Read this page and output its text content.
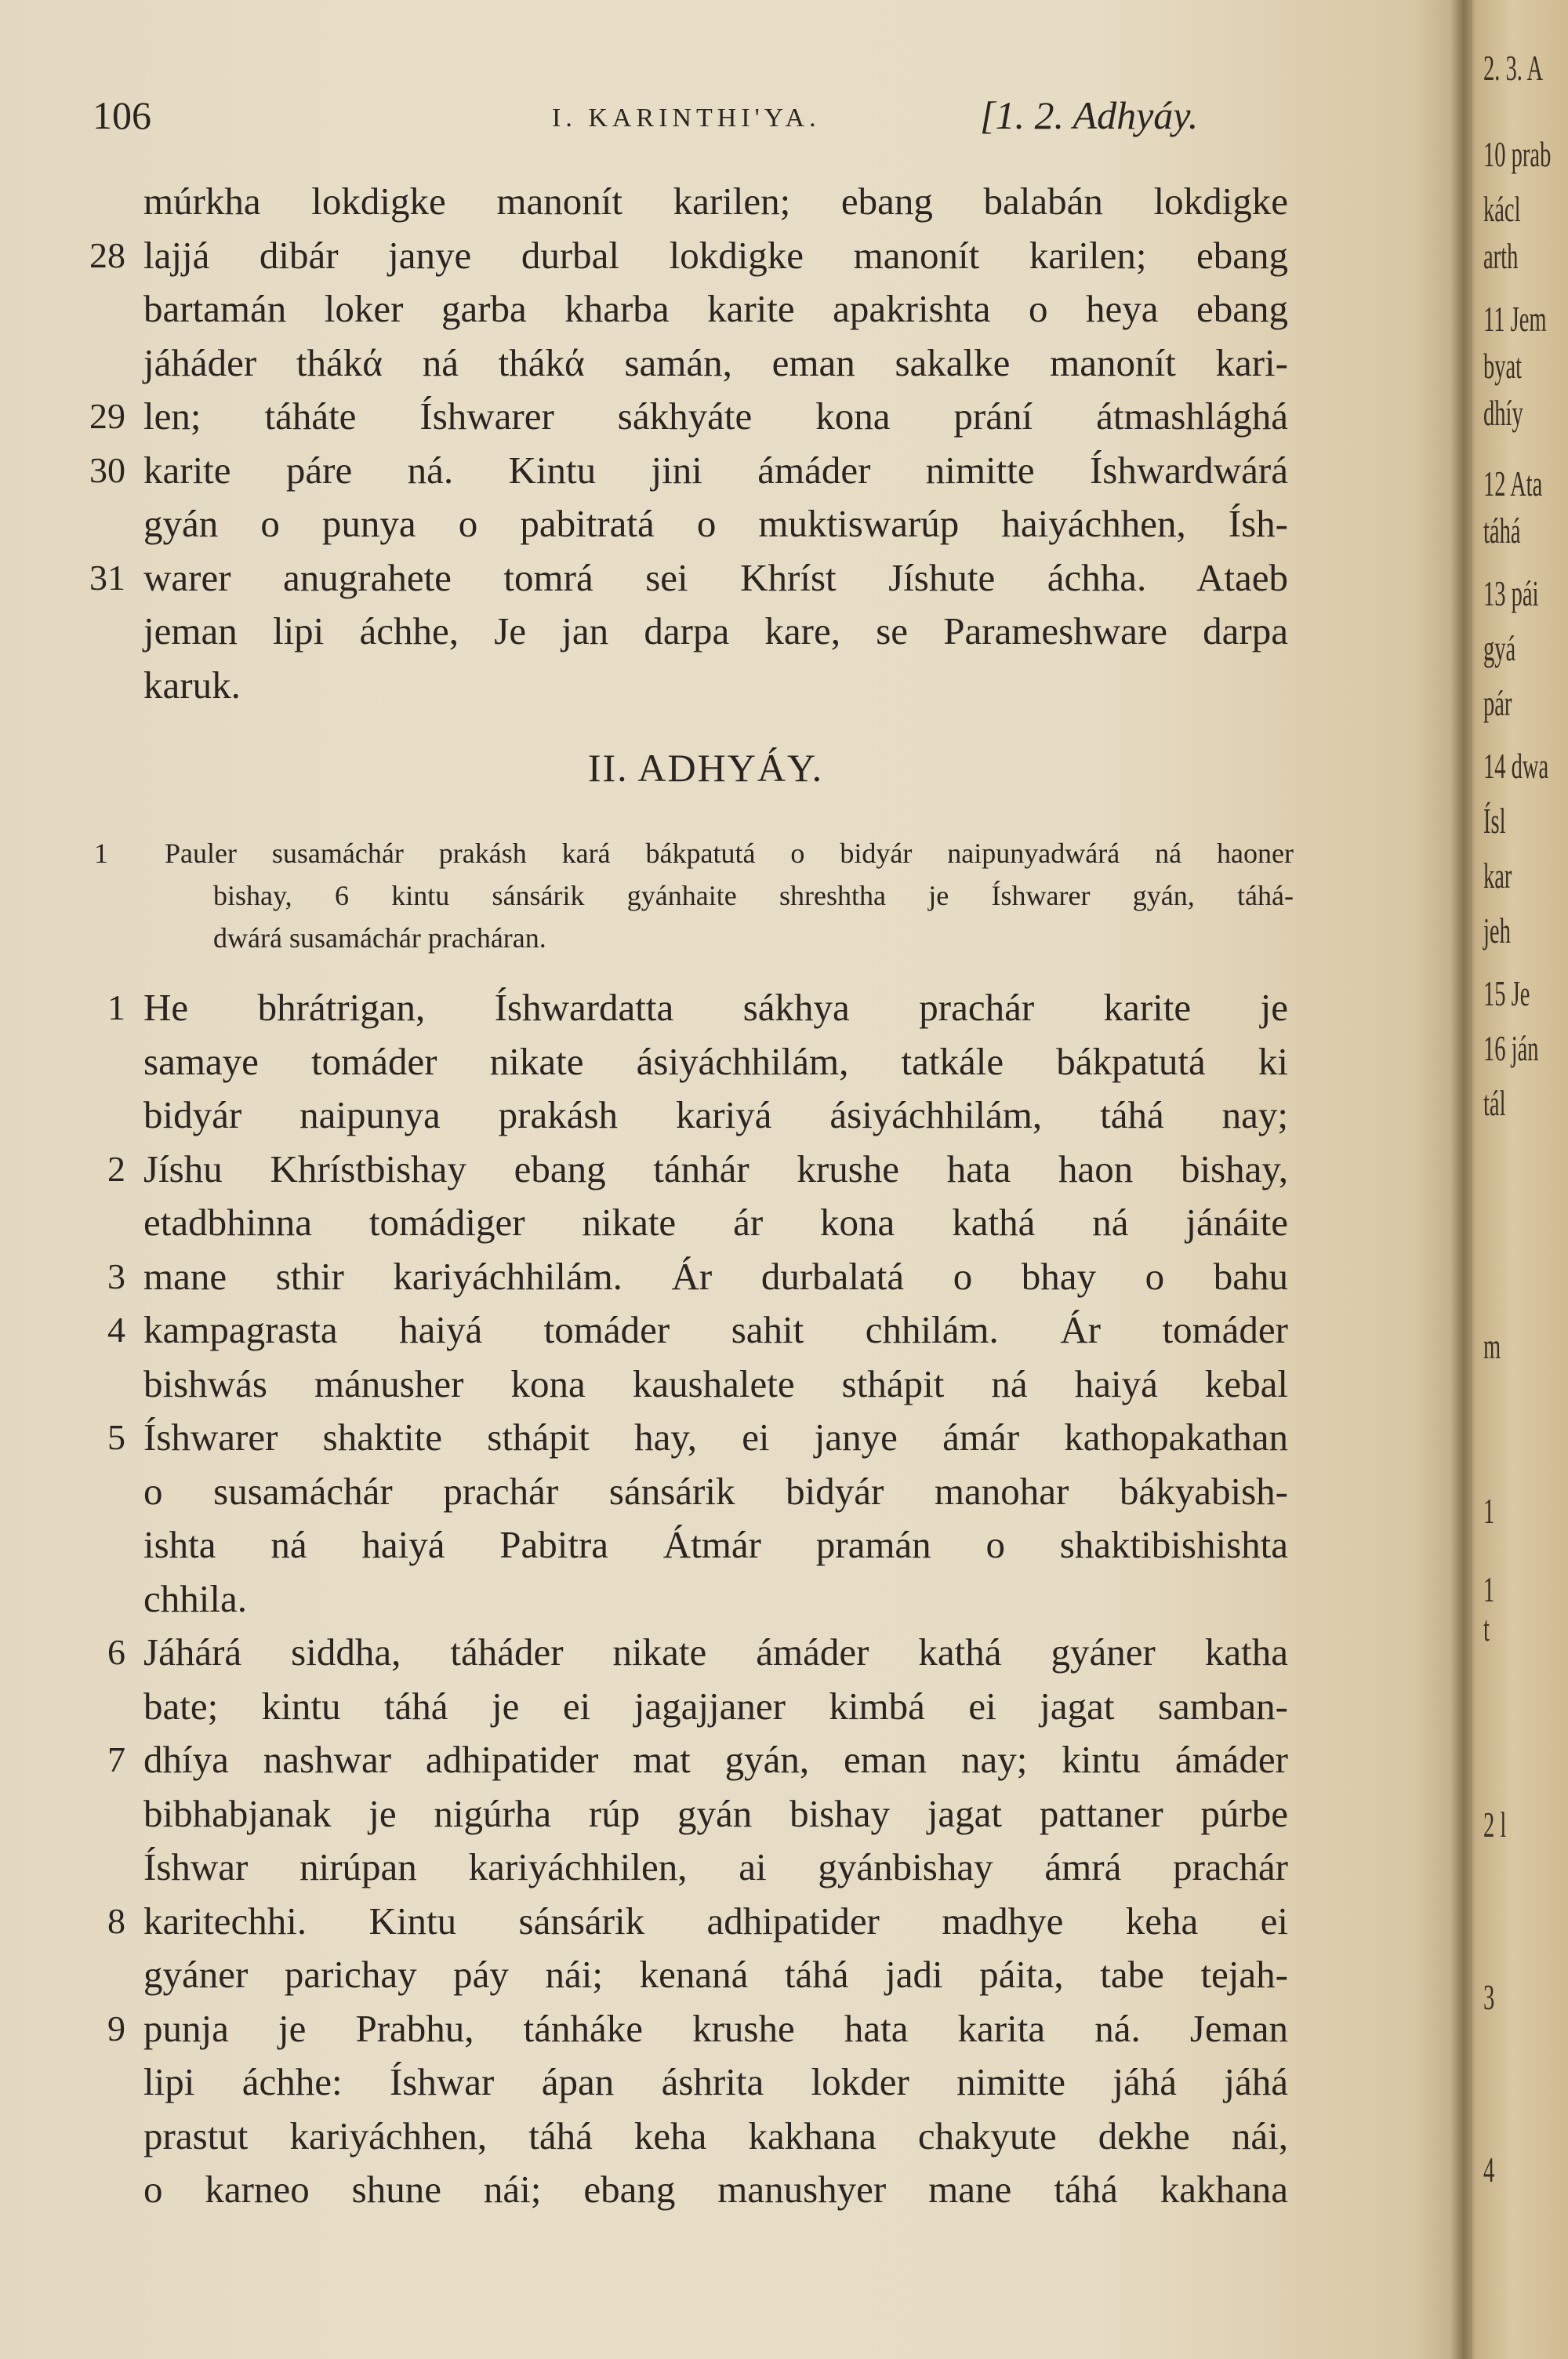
106	I. KARINTHI'YA.	[1. 2. Adhyáy.
múrkha lokdigke manonít karilen; ebang balabán lokdigke
28 lajjá dibár janye durbal lokdigke manonít karilen; ebang
bartamán loker garba kharba karite apakrishta o heya ebang
jáháder thákά ná thákά samán, eman sakalke manonít kari-
29 len; táháte Íshwarer sákhyáte kona prání átmashlághá
30 karite páre ná. Kintu jini ámáder nimitte Íshwardwárá
gyán o punya o pabitratá o muktiswarúp haiyáchhen, Ísh-
31 warer anugrahete tomrá sei Khríst Jíshute áchha. Ataeb
jeman lipi áchhe, Je jan darpa kare, se Parameshware darpa
karuk.
II. ADHYÁY.
1 Pauler susamáchár prakásh kará bákpatutá o bidyár naipunyadwárá ná haoner
bishay, 6 kintu sánsárik gyánhaite shreshtha je Íshwarer gyán, táhá-
dwárá susamáchár pracháran.
1 He bhrátrigan, Íshwardatta sákhya prachár karite je
samaye tomáder nikate ásiyáchhilám, tatkále bákpatutá ki
bidyár naipunya prakásh kariyá ásiyáchhilám, táhá nay;
2 Jíshu Khrístbishay ebang tánhár krushe hata haon bishay,
etadbhinna tomádiger nikate ár kona kathá ná jánáite
3 mane sthir kariyáchhilám. Ár durbalatá o bhay o bahu
4 kampagrasta haiyá tomáder sahit chhilám. Ár tomáder
bishwás mánusher kona kaushalete sthápit ná haiyá kebal
5 Íshwarer shaktite sthápit hay, ei janye ámár kathopakathan
o susamáchár prachár sánsárik bidyár manohar bákyabish-
ishta ná haiyá Pabitra Átmár pramán o shaktibishishta
chhila.
6 Jáhárá siddha, táháder nikate ámáder kathá gyáner katha
bate; kintu táhá je ei jagajjaner kimbá ei jagat samban-
7 dhíya nashwar adhipatider mat gyán, eman nay; kintu ámáder
bibhabjanak je nigúrha rúp gyán bishay jagat pattaner púrbe
Íshwar nirúpan kariyáchhilen, ai gyánbishay ámrá prachár
8 karitechhi. Kintu sánsárik adhipatider madhye keha ei
gyáner parichay páy nái; kenaná táhá jadi páita, tabe tejah-
9 punja je Prabhu, tánháke krushe hata karita ná. Jeman
lipi áchhe: Íshwar ápan áshrita lokder nimitte jáhá jáhá
prastut kariyáchhen, táhá keha kakhana chakyute dekhe nái,
o karneo shune nái; ebang manushyer mane táhá kakhana
2. 3. A
10 prab
kácl
arth
11 Jem
byat
dhíy
12 Ata
táhá
13 pái
gyá
pár
14 dwa
Ísl
kar
jeh
15 Je
16 ján
tál
m
1
1
t
2 l
3
4
